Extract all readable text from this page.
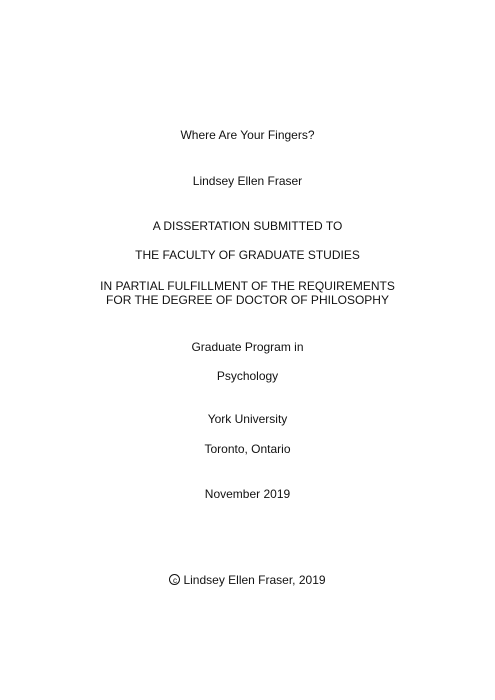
Where Are Your Fingers?
Lindsey Ellen Fraser
A DISSERTATION SUBMITTED TO
THE FACULTY OF GRADUATE STUDIES
IN PARTIAL FULFILLMENT OF THE REQUIREMENTS
FOR THE DEGREE OF DOCTOR OF PHILOSOPHY
Graduate Program in
Psychology
York University
Toronto, Ontario
November 2019
c Lindsey Ellen Fraser, 2019
